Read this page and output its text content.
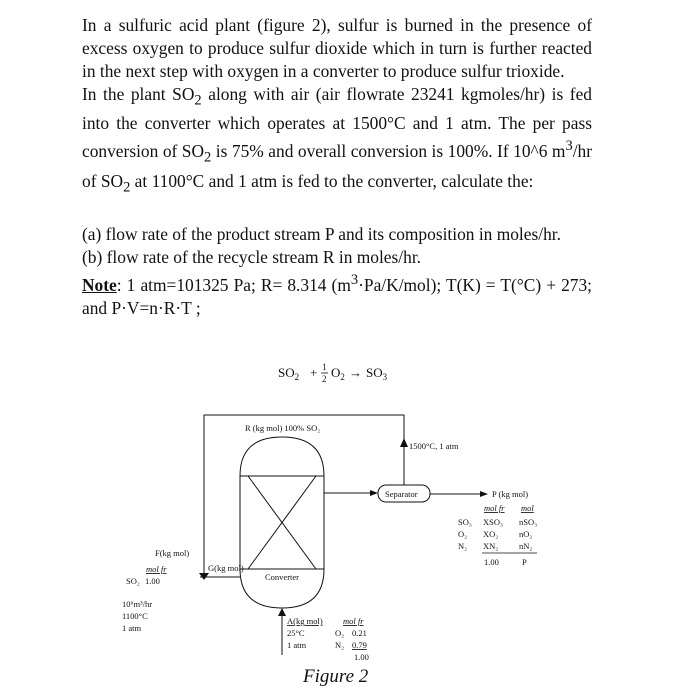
In a sulfuric acid plant (figure 2), sulfur is burned in the presence of excess oxygen to produce sulfur dioxide which in turn is further reacted in the next step with oxygen in a converter to produce sulfur trioxide.

In the plant $SO_2$ along with air (air flowrate 23241 kgmoles/hr) is fed into the converter which operates at 1500°C and 1 atm. The per pass conversion of $SO_2$ is 75% and overall conversion is 100%. If 10^6 $m^3/hr$ of $SO_2$ at 1100°C and 1 atm is fed to the converter, calculate the:

(a) flow rate of the product stream P and its composition in moles/hr.

(b) flow rate of the recycle stream R in moles/hr.

Note: 1 atm=101325 Pa; R= 8.314 $(m^3\cdot Pa/K/mol)$; T(K) = T(°C) + 273; and P·V=n·R·T ;

$SO_2 + 1$
2 $O_2 \to SO_3$
R (kg mol) 100% SO₂
1500°C, 1 atm
Converter
Separator	P (kg mol)
mol fr mol
SO₃ XSO₃ nSO₃
O₂ XO₂ nO₂
N₂ XN₂ nN₂
1.00	P
F(kg mol)
mol fr
SO₂ 1.00
10⁶m³/hr
1100°C
1 atm
G(kg mol)
A(kg mol)
25°C
1 atm
mol fr
O₂ 0.21
N₂ 0.79
1.00
Figure 2
